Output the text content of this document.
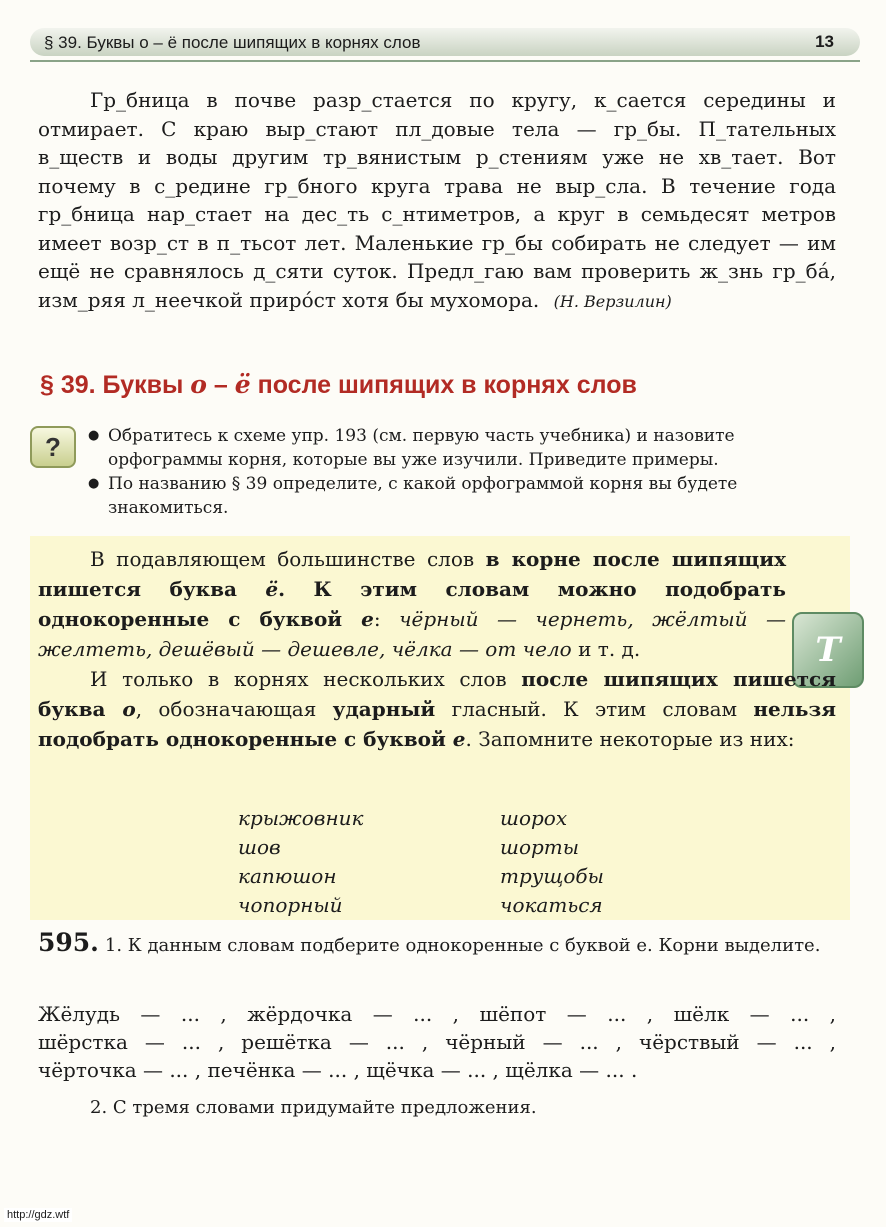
§ 39. Буквы о – ё после шипящих в корнях слов	13
Гр_бница в почве разр_стается по кругу, к_сается середины и отмирает. С краю выр_стают пл_довые тела — гр_бы. П_тательных в_ществ и воды другим тр_вянистым р_стениям уже не хв_тает. Вот почему в с_редине гр_бного круга трава не выр_сла. В течение года гр_бница нар_стает на дес_ть с_нтиметров, а круг в семьдесят метров имеет возр_ст в п_тьсот лет. Маленькие гр_бы собирать не следует — им ещё не сравнялось д_сяти суток. Предл_гаю вам проверить ж_знь гр_бá, изм_ряя л_неечкой прирóст хотя бы мухомора. (Н. Верзилин)
§ 39. Буквы о – ё после шипящих в корнях слов
?
●	Обратитесь к схеме упр. 193 (см. первую часть учебника) и назовите орфограммы корня, которые вы уже изучили. Приведите примеры.
● По названию § 39 определите, с какой орфограммой корня вы будете знакомиться.
Т
В подавляющем большинстве слов в корне после шипящих пишется буква ё. К этим словам можно подобрать однокоренные с буквой е: чёрный — чернеть, жёлтый — желтеть, дешёвый — дешевле, чёлка — от чело и т. д.
И только в корнях нескольких слов после шипящих пишется буква о, обозначающая ударный гласный. К этим словам нельзя подобрать однокоренные с буквой е. Запомните некоторые из них:
крыжовник
шов
капюшон
чопорный
шорох
шорты
трущобы
чокаться
595. 1. К данным словам подберите однокоренные с буквой е. Корни выделите.
Жёлудь — ... , жёрдочка — ... , шёпот — ... , шёлк — ... ,
шёрстка — ... , решётка — ... , чёрный — ... , чёрствый — ... ,
чёрточка — ... , печёнка — ... , щёчка — ... , щёлка — ... .
2. С тремя словами придумайте предложения.
http://gdz.wtf
